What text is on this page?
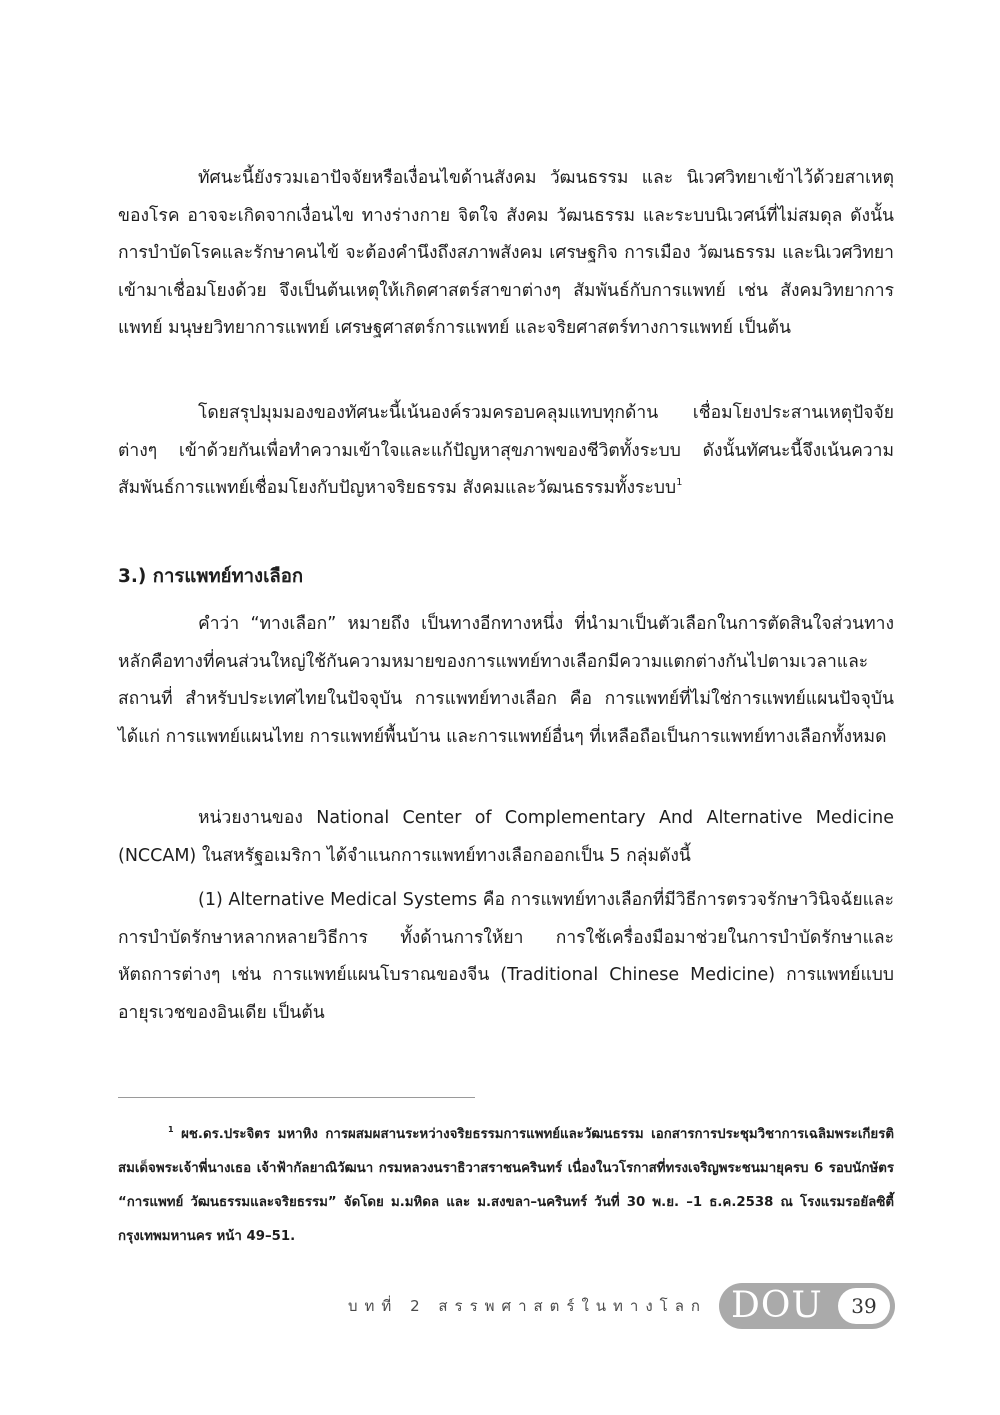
ทัศนะนี้ยังรวมเอาปัจจัยหรือเงื่อนไขด้านสังคม วัฒนธรรม และ นิเวศวิทยาเข้าไว้ด้วยสาเหตุของโรค อาจจะเกิดจากเงื่อนไข ทางร่างกาย จิตใจ สังคม วัฒนธรรม และระบบนิเวศน์ที่ไม่สมดุล ดังนั้นการบำบัดโรคและรักษาคนไข้ จะต้องคำนึงถึงสภาพสังคม เศรษฐกิจ การเมือง วัฒนธรรม และนิเวศวิทยาเข้ามาเชื่อมโยงด้วย จึงเป็นต้นเหตุให้เกิดศาสตร์สาขาต่างๆ สัมพันธ์กับการแพทย์ เช่น สังคมวิทยาการแพทย์ มนุษยวิทยาการแพทย์ เศรษฐศาสตร์การแพทย์ และจริยศาสตร์ทางการแพทย์ เป็นต้น

โดยสรุปมุมมองของทัศนะนี้เน้นองค์รวมครอบคลุมแทบทุกด้าน เชื่อมโยงประสานเหตุปัจจัยต่างๆ เข้าด้วยกันเพื่อทำความเข้าใจและแก้ปัญหาสุขภาพของชีวิตทั้งระบบ ดังนั้นทัศนะนี้จึงเน้นความสัมพันธ์การแพทย์เชื่อมโยงกับปัญหาจริยธรรม สังคมและวัฒนธรรมทั้งระบบ$^1$

3.) การแพทย์ทางเลือก

คำว่า “ทางเลือก” หมายถึง เป็นทางอีกทางหนึ่ง ที่นำมาเป็นตัวเลือกในการตัดสินใจส่วนทางหลักคือทางที่คนส่วนใหญ่ใช้กันความหมายของการแพทย์ทางเลือกมีความแตกต่างกันไปตามเวลาและสถานที่ สำหรับประเทศไทยในปัจจุบัน การแพทย์ทางเลือก คือ การแพทย์ที่ไม่ใช่การแพทย์แผนปัจจุบัน ได้แก่ การแพทย์แผนไทย การแพทย์พื้นบ้าน และการแพทย์อื่นๆ ที่เหลือถือเป็นการแพทย์ทางเลือกทั้งหมด

หน่วยงานของ National Center of Complementary And Alternative Medicine (NCCAM) ในสหรัฐอเมริกา ได้จำแนกการแพทย์ทางเลือกออกเป็น 5 กลุ่มดังนี้

(1) Alternative Medical Systems คือ การแพทย์ทางเลือกที่มีวิธีการตรวจรักษาวินิจฉัยและการบำบัดรักษาหลากหลายวิธีการ ทั้งด้านการให้ยา การใช้เครื่องมือมาช่วยในการบำบัดรักษาและหัตถการต่างๆ เช่น การแพทย์แผนโบราณของจีน (Traditional Chinese Medicine) การแพทย์แบบอายุรเวชของอินเดีย เป็นต้น

$^1$ ผช.ดร.ประจิตร มหาหิง การผสมผสานระหว่างจริยธรรมการแพทย์และวัฒนธรรม เอกสารการประชุมวิชาการเฉลิมพระเกียรติ สมเด็จพระเจ้าพี่นางเธอ เจ้าฟ้ากัลยาณิวัฒนา กรมหลวงนราธิวาสราชนครินทร์ เนื่องในวโรกาสที่ทรงเจริญพระชนมายุครบ 6 รอบนักษัตร “การแพทย์ วัฒนธรรมและจริยธรรม” จัดโดย ม.มหิดล และ ม.สงขลา–นครินทร์ วันที่ 30 พ.ย. –1 ธ.ค.2538 ณ โรงแรมรอยัลซิตี้ กรุงเทพมหานคร หน้า 49–51.

บทที่ 2 สรรพศาสตร์ในทางโลก DOU	39
